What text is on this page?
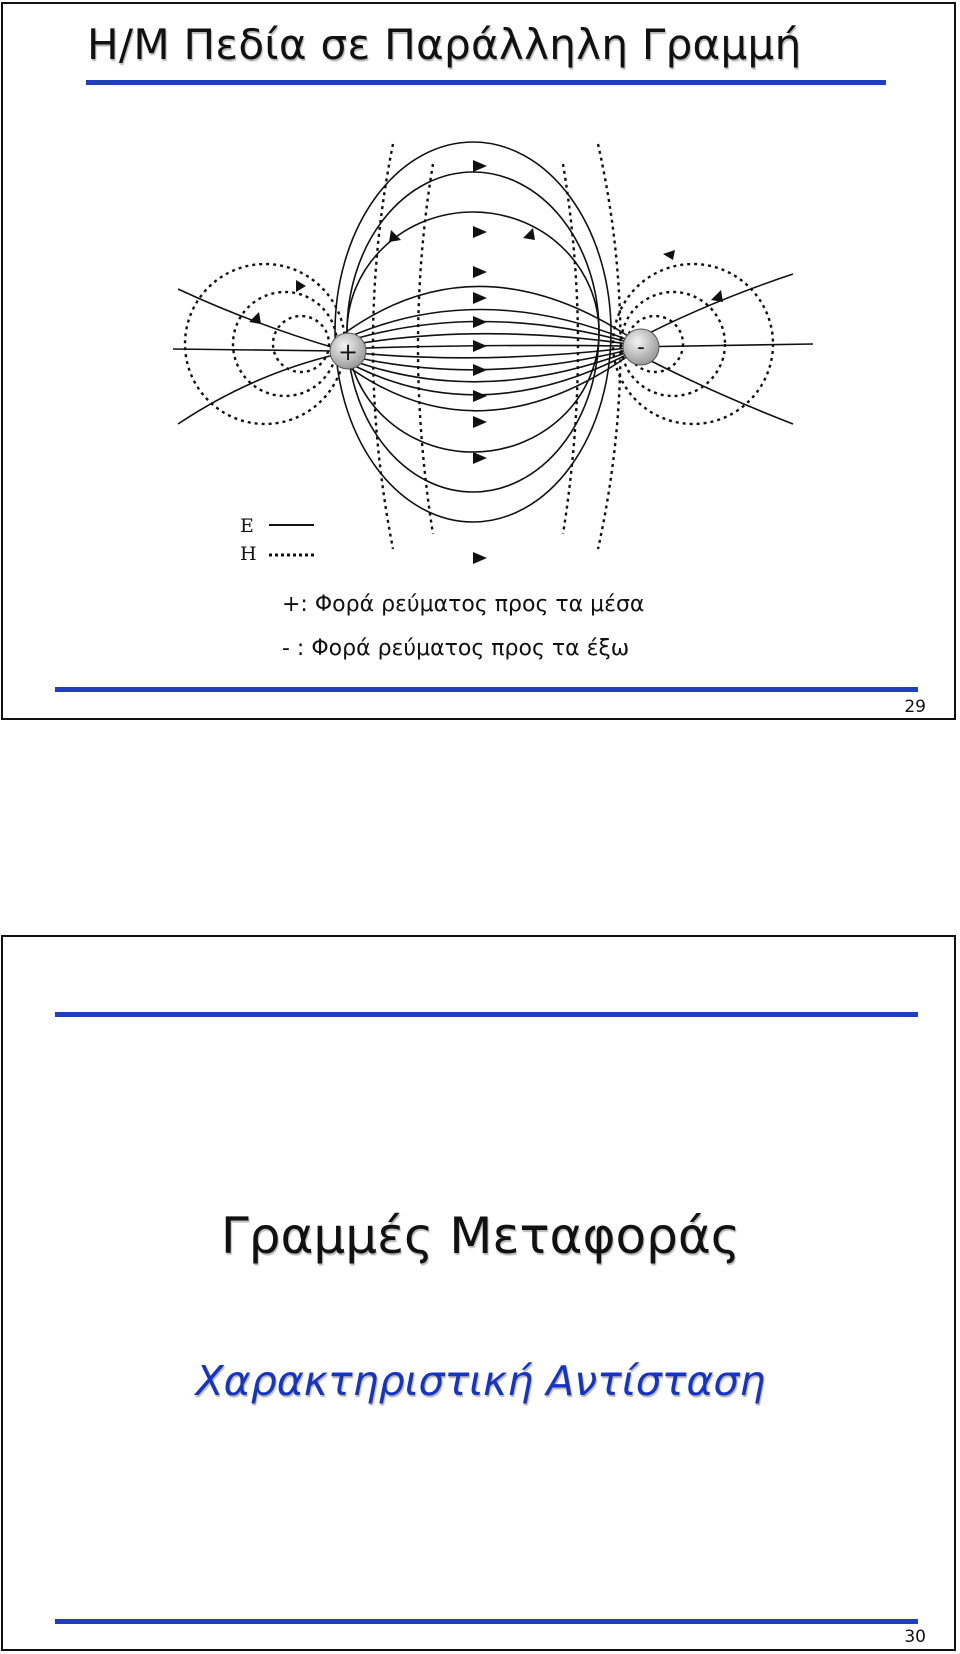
Η/Μ Πεδία σε Παράλληλη Γραμμή
+	-
E
H
+: Φορά ρεύματος προς τα μέσα
- : Φορά ρεύματος προς τα έξω
29
Γραμμές Μεταφοράς
Χαρακτηριστική Αντίσταση
30
